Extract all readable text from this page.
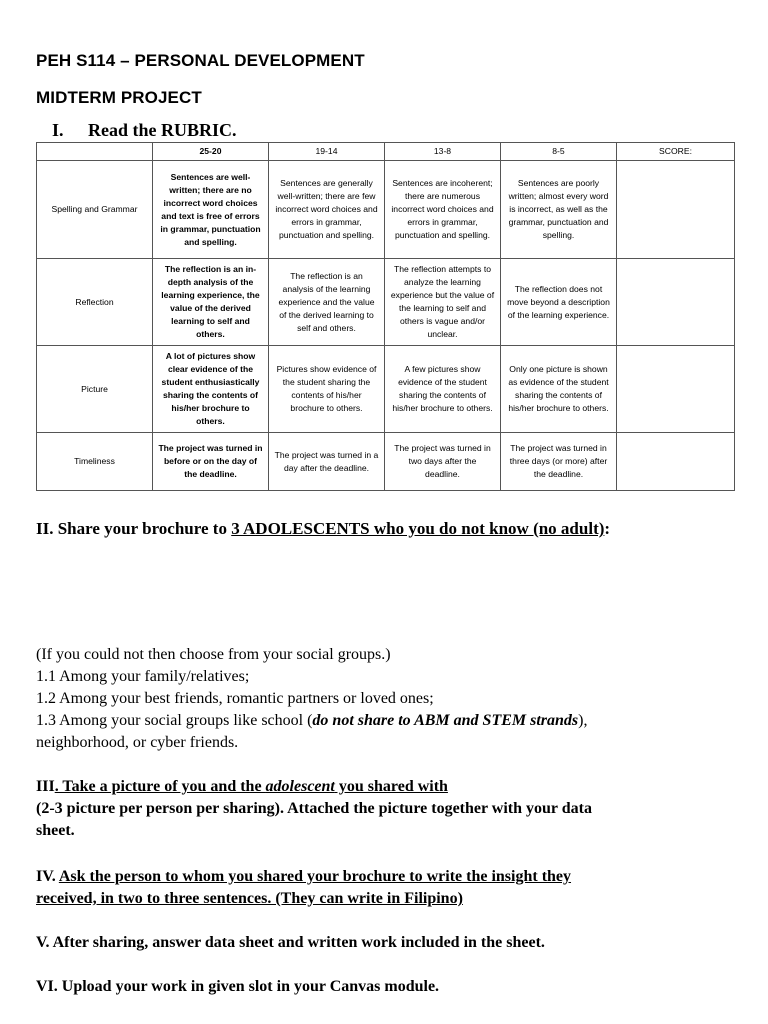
PEH S114 – PERSONAL DEVELOPMENT
MIDTERM PROJECT
I. Read the RUBRIC.
	25-20	19-14	13-8	8-5	SCORE:
Spelling and Grammar	Sentences are well-written; there are no incorrect word choices and text is free of errors in grammar, punctuation and spelling.	Sentences are generally well-written; there are few incorrect word choices and errors in grammar, punctuation and spelling.	Sentences are incoherent; there are numerous incorrect word choices and errors in grammar, punctuation and spelling.	Sentences are poorly written; almost every word is incorrect, as well as the grammar, punctuation and spelling.	
Reflection	The reflection is an in-depth analysis of the learning experience, the value of the derived learning to self and others.	The reflection is an analysis of the learning experience and the value of the derived learning to self and others.	The reflection attempts to analyze the learning experience but the value of the learning to self and others is vague and/or unclear.	The reflection does not move beyond a description of the learning experience.	
Picture	A lot of pictures show clear evidence of the student enthusiastically sharing the contents of his/her brochure to others.	Pictures show evidence of the student sharing the contents of his/her brochure to others.	A few pictures show evidence of the student sharing the contents of his/her brochure to others.	Only one picture is shown as evidence of the student sharing the contents of his/her brochure to others.	
Timeliness	The project was turned in before or on the day of the deadline.	The project was turned in a day after the deadline.	The project was turned in two days after the deadline.	The project was turned in three days (or more) after the deadline.	
II. Share your brochure to 3 ADOLESCENTS who you do not know (no adult):
(If you could not then choose from your social groups.)
1.1 Among your family/relatives;
1.2 Among your best friends, romantic partners or loved ones;
1.3 Among your social groups like school (do not share to ABM and STEM strands),
neighborhood, or cyber friends.
III. Take a picture of you and the adolescent you shared with
(2-3 picture per person per sharing). Attached the picture together with your data
sheet.
IV. Ask the person to whom you shared your brochure to write the insight they
received, in two to three sentences. (They can write in Filipino)
V. After sharing, answer data sheet and written work included in the sheet.
VI. Upload your work in given slot in your Canvas module.
